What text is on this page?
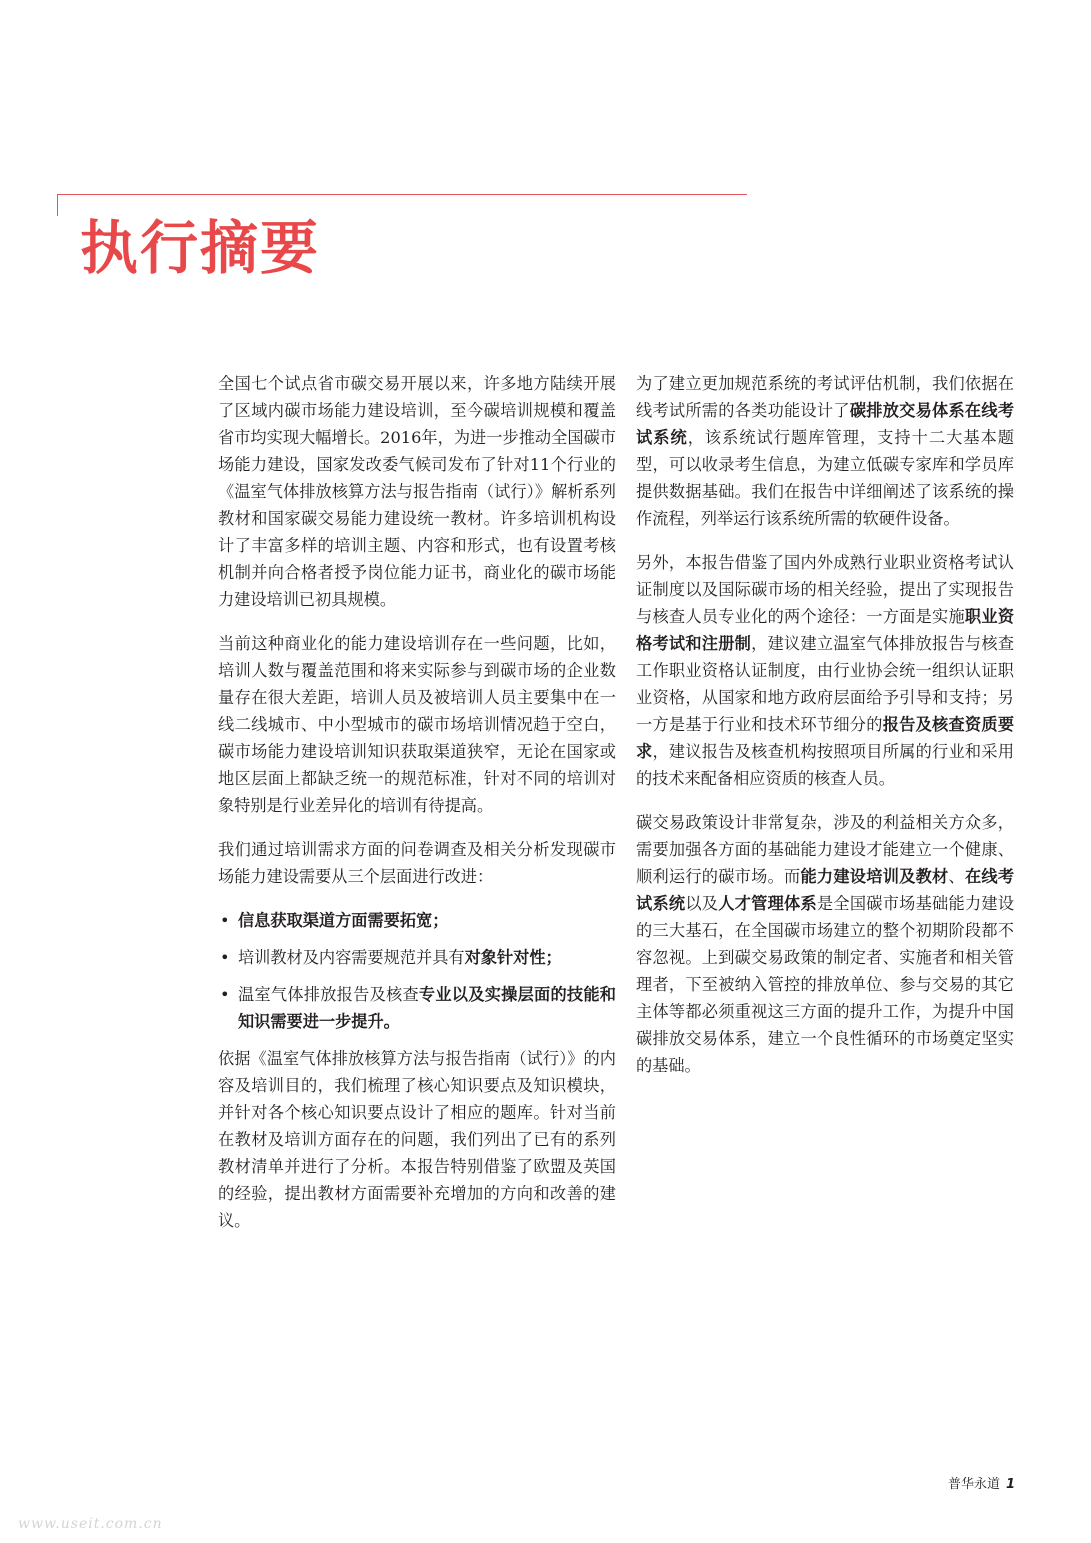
执行摘要

全国七个试点省市碳交易开展以来，许多地方陆续开展了区域内碳市场能力建设培训，至今碳培训规模和覆盖省市均实现大幅增长。2016年，为进一步推动全国碳市场能力建设，国家发改委气候司发布了针对11个行业的《温室气体排放核算方法与报告指南（试行）》解析系列教材和国家碳交易能力建设统一教材。许多培训机构设计了丰富多样的培训主题、内容和形式，也有设置考核机制并向合格者授予岗位能力证书，商业化的碳市场能力建设培训已初具规模。

当前这种商业化的能力建设培训存在一些问题，比如，培训人数与覆盖范围和将来实际参与到碳市场的企业数量存在很大差距，培训人员及被培训人员主要集中在一线二线城市、中小型城市的碳市场培训情况趋于空白，碳市场能力建设培训知识获取渠道狭窄，无论在国家或地区层面上都缺乏统一的规范标准，针对不同的培训对象特别是行业差异化的培训有待提高。

我们通过培训需求方面的问卷调查及相关分析发现碳市场能力建设需要从三个层面进行改进：

• 信息获取渠道方面需要拓宽；
• 培训教材及内容需要规范并具有对象针对性；
• 温室气体排放报告及核查专业以及实操层面的技能和知识需要进一步提升。

依据《温室气体排放核算方法与报告指南（试行）》的内容及培训目的，我们梳理了核心知识要点及知识模块，并针对各个核心知识要点设计了相应的题库。针对当前在教材及培训方面存在的问题，我们列出了已有的系列教材清单并进行了分析。本报告特别借鉴了欧盟及英国的经验，提出教材方面需要补充增加的方向和改善的建议。

为了建立更加规范系统的考试评估机制，我们依据在线考试所需的各类功能设计了碳排放交易体系在线考试系统，该系统试行题库管理，支持十二大基本题型，可以收录考生信息，为建立低碳专家库和学员库提供数据基础。我们在报告中详细阐述了该系统的操作流程，列举运行该系统所需的软硬件设备。

另外，本报告借鉴了国内外成熟行业职业资格考试认证制度以及国际碳市场的相关经验，提出了实现报告与核查人员专业化的两个途径：一方面是实施职业资格考试和注册制，建议建立温室气体排放报告与核查工作职业资格认证制度，由行业协会统一组织认证职业资格，从国家和地方政府层面给予引导和支持；另一方是基于行业和技术环节细分的报告及核查资质要求，建议报告及核查机构按照项目所属的行业和采用的技术来配备相应资质的核查人员。

碳交易政策设计非常复杂，涉及的利益相关方众多，需要加强各方面的基础能力建设才能建立一个健康、顺利运行的碳市场。而能力建设培训及教材、在线考试系统以及人才管理体系是全国碳市场基础能力建设的三大基石，在全国碳市场建立的整个初期阶段都不容忽视。上到碳交易政策的制定者、实施者和相关管理者，下至被纳入管控的排放单位、参与交易的其它主体等都必须重视这三方面的提升工作，为提升中国碳排放交易体系，建立一个良性循环的市场奠定坚实的基础。

普华永道 1
www.useit.com.cn
